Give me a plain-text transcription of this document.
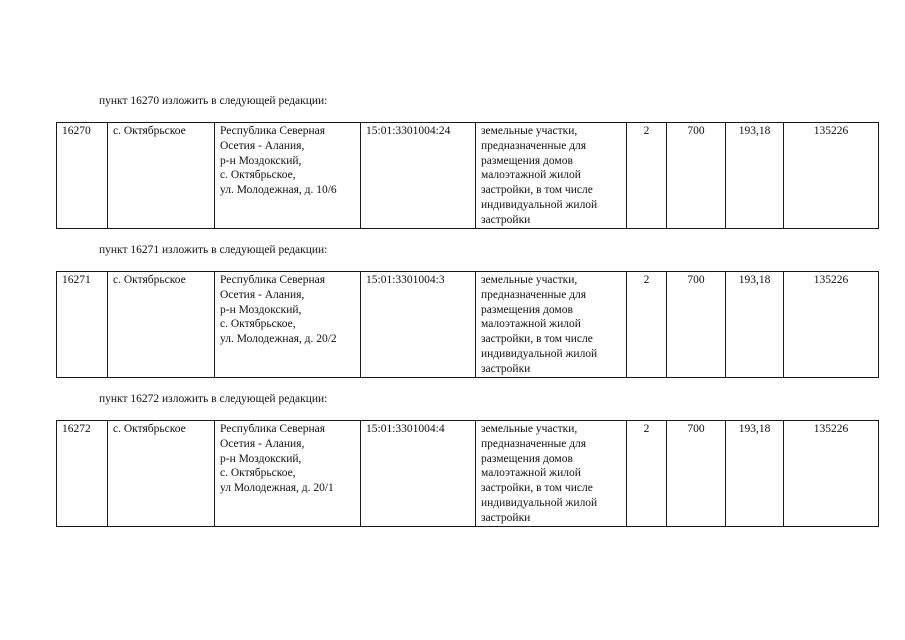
пункт 16270 изложить в следующей редакции:
16270	с. Октябрьское	Республика Северная
Осетия - Алания,
р-н Моздокский,
с. Октябрьское,
ул. Молодежная, д. 10/6
	15:01:3301004:24	земельные участки,
предназначенные для
размещения домов
малоэтажной жилой
застройки, в том числе
индивидуальной жилой
застройки
	2	700	193,18	135226
пункт 16271 изложить в следующей редакции:
16271	с. Октябрьское	Республика Северная
Осетия - Алания,
р-н Моздокский,
с. Октябрьское,
ул. Молодежная, д. 20/2
	15:01:3301004:3	земельные участки,
предназначенные для
размещения домов
малоэтажной жилой
застройки, в том числе
индивидуальной жилой
застройки
	2	700	193,18	135226
пункт 16272 изложить в следующей редакции:
16272	с. Октябрьское	Республика Северная
Осетия - Алания,
р-н Моздокский,
с. Октябрьское,
ул Молодежная, д. 20/1
	15:01:3301004:4	земельные участки,
предназначенные для
размещения домов
малоэтажной жилой
застройки, в том числе
индивидуальной жилой
застройки
	2	700	193,18	135226
